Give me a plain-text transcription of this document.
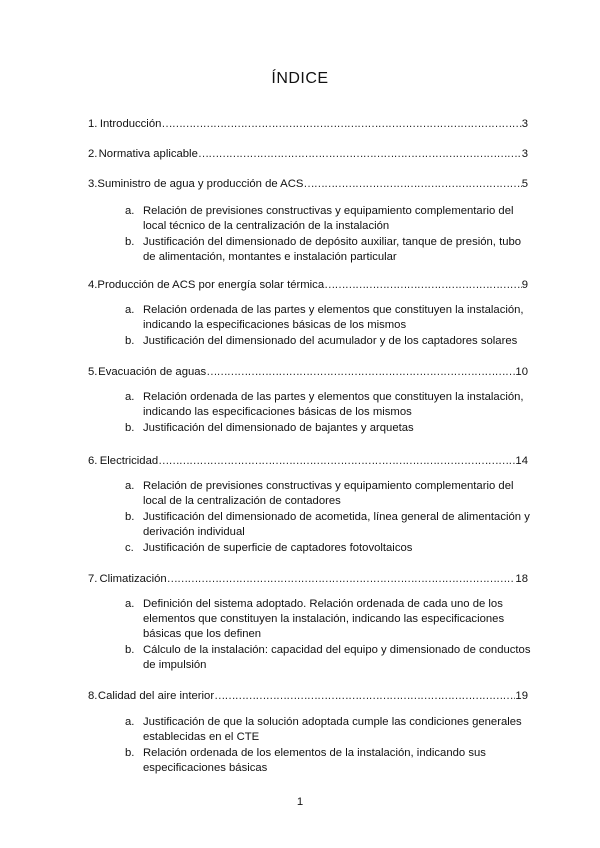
ÍNDICE
1. Introducción ……………………………………………………………………………………………………………………………………………………………………………	3
2. Normativa aplicable ……………………………………………………………………………………………………………………………………………………………………………	3
3. Suministro de agua y producción de ACS ……………………………………………………………………………………………………………………………………………………………………………	5
a. Relación de previsiones constructivas y equipamiento complementario del
local técnico de la centralización de la instalación
b. Justificación del dimensionado de depósito auxiliar, tanque de presión, tubo
de alimentación, montantes e instalación particular
4. Producción de ACS por energía solar térmica ……………………………………………………………………………………………………………………………………………………………………………	9
a. Relación ordenada de las partes y elementos que constituyen la instalación,
indicando la especificaciones básicas de los mismos
b. Justificación del dimensionado del acumulador y de los captadores solares
5. Evacuación de aguas ……………………………………………………………………………………………………………………………………………………………………………	10
a. Relación ordenada de las partes y elementos que constituyen la instalación,
indicando las especificaciones básicas de los mismos
b. Justificación del dimensionado de bajantes y arquetas
6. Electricidad ……………………………………………………………………………………………………………………………………………………………………………	14
a. Relación de previsiones constructivas y equipamiento complementario del
local de la centralización de contadores
b. Justificación del dimensionado de acometida, línea general de alimentación y
derivación individual
c. Justificación de superficie de captadores fotovoltaicos
7. Climatización ……………………………………………………………………………………………………………………………………………………………………………	18
a. Definición del sistema adoptado. Relación ordenada de cada uno de los
elementos que constituyen la instalación, indicando las especificaciones
básicas que los definen
b. Cálculo de la instalación: capacidad del equipo y dimensionado de conductos
de impulsión
8. Calidad del aire interior ……………………………………………………………………………………………………………………………………………………………………………	19
a. Justificación de que la solución adoptada cumple las condiciones generales
establecidas en el CTE
b. Relación ordenada de los elementos de la instalación, indicando sus
especificaciones básicas
1
